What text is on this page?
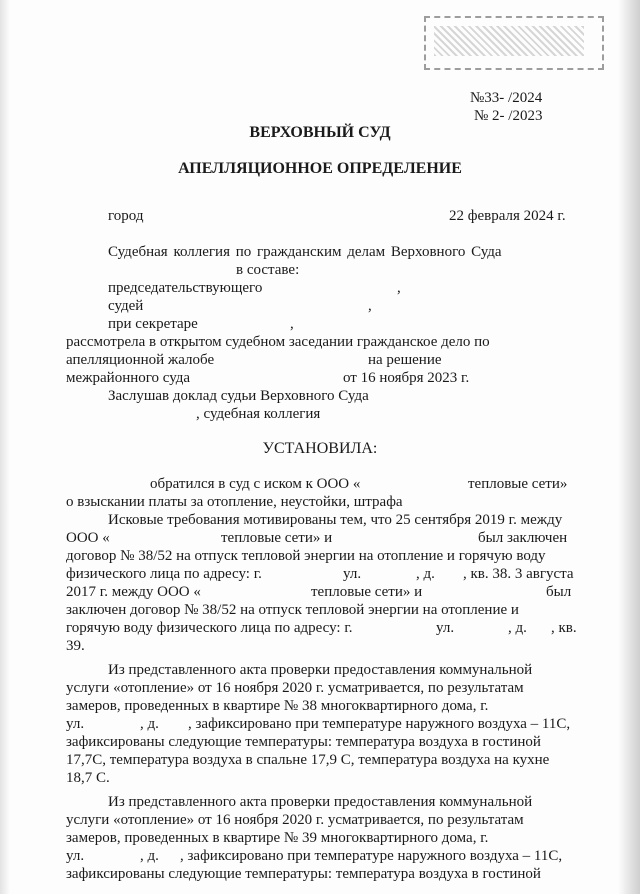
№33- /2024
№ 2- /2023
ВЕРХОВНЫЙ СУД
АПЕЛЛЯЦИОННОЕ ОПРЕДЕЛЕНИЕ
город	22 февраля 2024 г.
Судебная коллегия по гражданским делам Верховного Суда
в составе:
председательствующего	,
судей	,
при секретаре	,
рассмотрела в открытом судебном заседании гражданское дело по
апелляционной жалобе	на решение
межрайонного суда	от 16 ноября 2023 г.
Заслушав доклад судьи Верховного Суда
, судебная коллегия
УСТАНОВИЛА:
обратился в суд с иском к ООО «	тепловые сети»
о взыскании платы за отопление, неустойки, штрафа
Исковые требования мотивированы тем, что 25 сентября 2019 г. между
ООО «	тепловые сети» и	был заключен
договор № 38/52 на отпуск тепловой энергии на отопление и горячую воду
физического лица по адресу: г.	ул.	, д. , кв. 38. 3 августа
2017 г. между ООО «	тепловые сети» и	был
заключен договор № 38/52 на отпуск тепловой энергии на отопление и
горячую воду физического лица по адресу: г.	ул.	, д. , кв.
39.
Из представленного акта проверки предоставления коммунальной
услуги «отопление» от 16 ноября 2020 г. усматривается, по результатам
замеров, проведенных в квартире № 38 многоквартирного дома, г.
ул.	, д. , зафиксировано при температуре наружного воздуха – 11С,
зафиксированы следующие температуры: температура воздуха в гостиной
17,7С, температура воздуха в спальне 17,9 С, температура воздуха на кухне
18,7 С.
Из представленного акта проверки предоставления коммунальной
услуги «отопление» от 16 ноября 2020 г. усматривается, по результатам
замеров, проведенных в квартире № 39 многоквартирного дома, г.
ул.	, д. , зафиксировано при температуре наружного воздуха – 11С,
зафиксированы следующие температуры: температура воздуха в гостиной
